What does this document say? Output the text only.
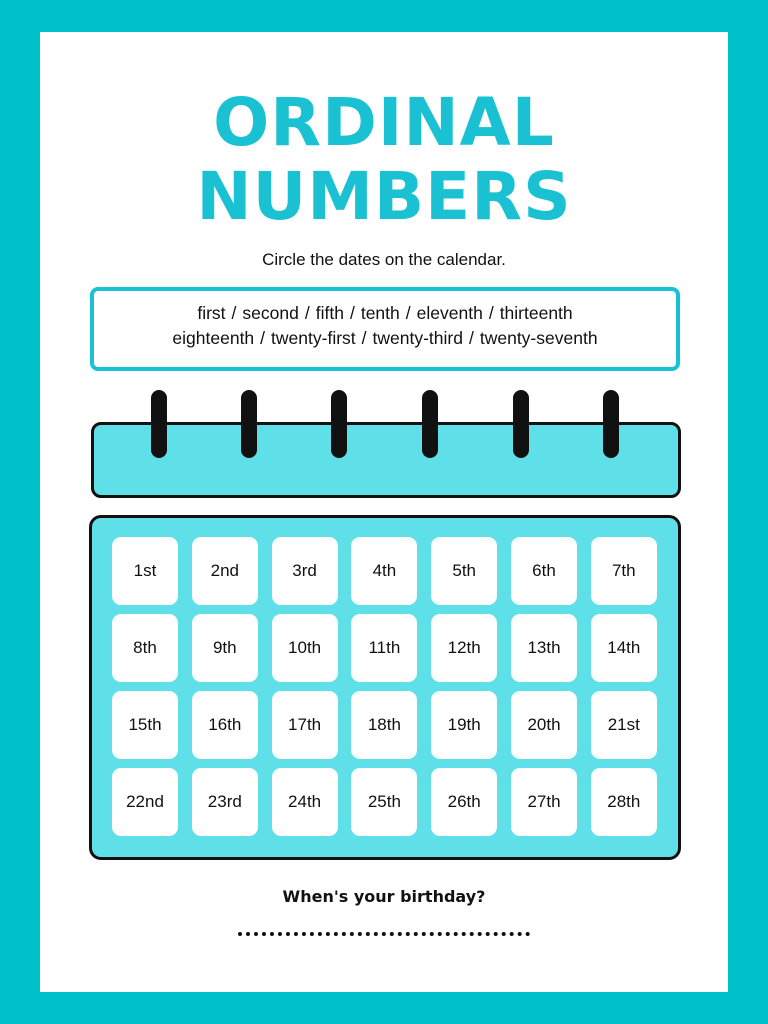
ORDINAL
NUMBERS
Circle the dates on the calendar.
first / second / fifth / tenth / eleventh / thirteenth
eighteenth / twenty-first / twenty-third / twenty-seventh
1st	2nd	3rd	4th	5th	6th	7th
8th	9th	10th	11th	12th	13th	14th
15th	16th	17th	18th	19th	20th	21st
22nd	23rd	24th	25th	26th	27th	28th
When's your birthday?
